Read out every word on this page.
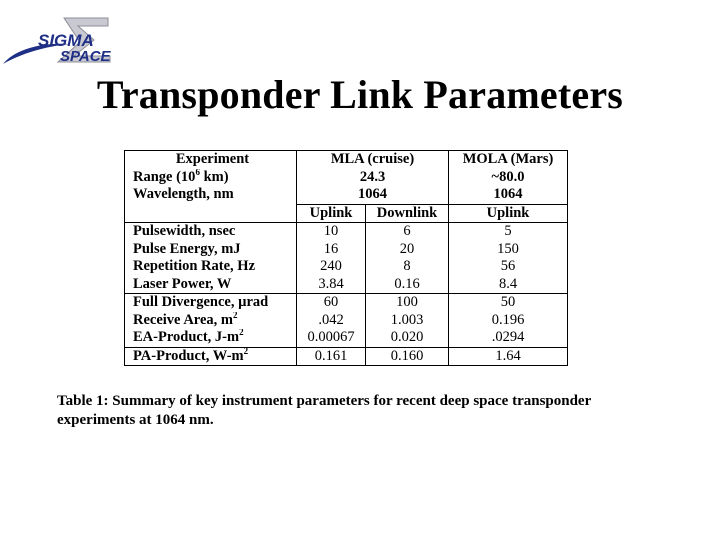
SIGMA
SPACE
Transponder Link Parameters
Experiment	MLA (cruise)		MOLA (Mars)
Range ($10^6$ km)	24.3		~80.0
Wavelength, nm	1064		1064
	Uplink	Downlink	Uplink
Pulsewidth, nsec	10	6	5
Pulse Energy, mJ	16	20	150
Repetition Rate, Hz	240	8	56
Laser Power, W	3.84	0.16	8.4
Full Divergence, µrad	60	100	50
Receive Area, $m^2$	.042	1.003	0.196
EA-Product, $J-m^2$	0.00067	0.020	.0294
PA-Product, $W-m^2$	0.161	0.160	1.64
Table 1: Summary of key instrument parameters for recent deep space transponder experiments at 1064 nm.
